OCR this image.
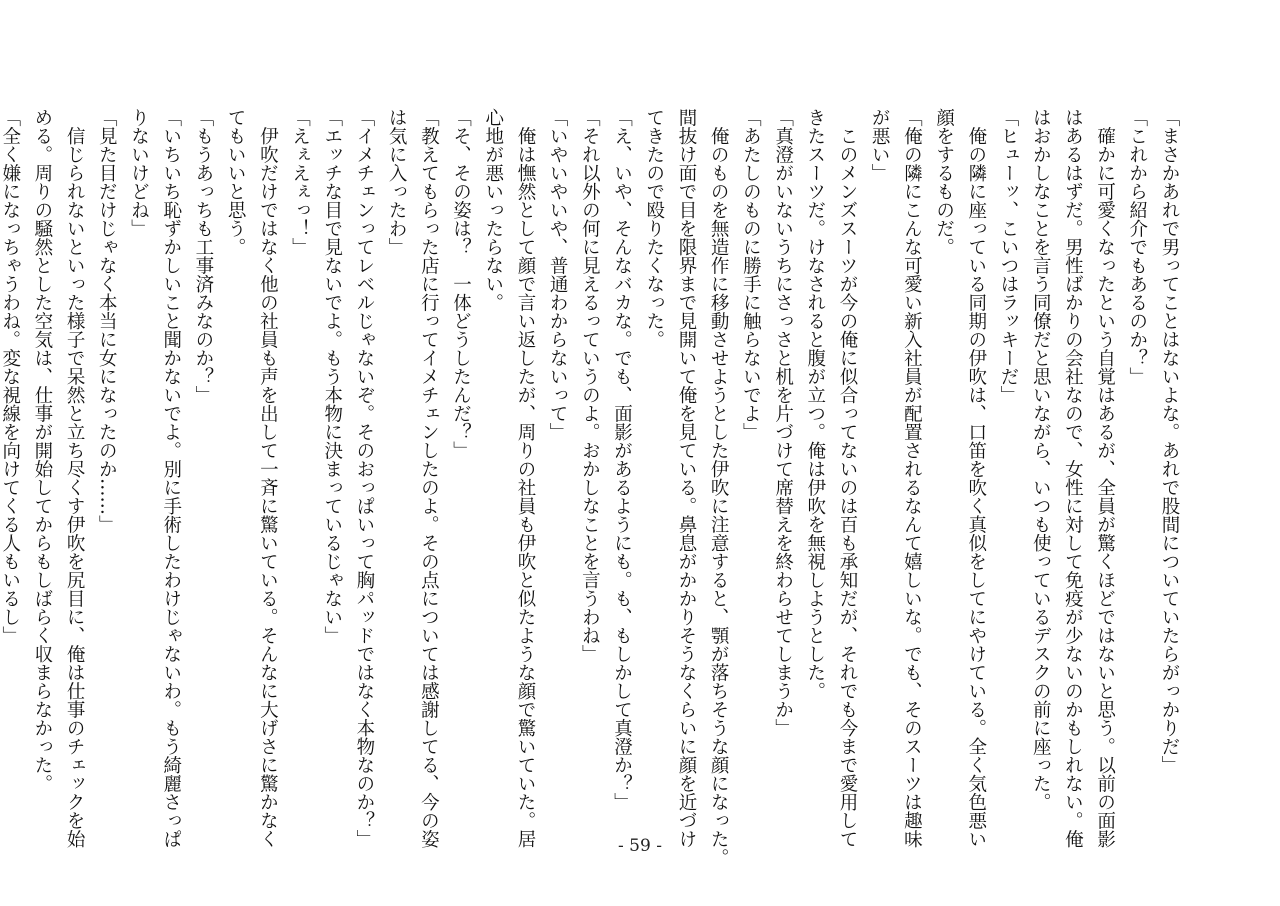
「まさかあれで男ってことはないよな。あれで股間についていたらがっかりだ」

「これから紹介でもあるのか？」

　確かに可愛くなったという自覚はあるが、全員が驚くほどではないと思う。以前の面影

はあるはずだ。男性ばかりの会社なので、女性に対して免疫が少ないのかもしれない。俺

はおかしなことを言う同僚だと思いながら、いつも使っているデスクの前に座った。

「ヒューッ、こいつはラッキーだ」

　俺の隣に座っている同期の伊吹は、口笛を吹く真似をしてにやけている。全く気色悪い

顔をするものだ。

「俺の隣にこんな可愛い新入社員が配置されるなんて嬉しいな。でも、そのスーツは趣味

が悪い」

　このメンズスーツが今の俺に似合ってないのは百も承知だが、それでも今まで愛用して

きたスーツだ。けなされると腹が立つ。俺は伊吹を無視しようとした。

「真澄がいないうちにさっさと机を片づけて席替えを終わらせてしまうか」

「あたしのものに勝手に触らないでよ」

　俺のものを無造作に移動させようとした伊吹に注意すると、顎が落ちそうな顔になった。

間抜け面で目を限界まで見開いて俺を見ている。鼻息がかかりそうなくらいに顔を近づけ

てきたので殴りたくなった。

「え、いや、そんなバカな。でも、面影があるようにも。も、もしかして真澄か？」

「それ以外の何に見えるっていうのよ。おかしなことを言うわね」

「いやいやいや、普通わからないって」

　俺は憮然として顔で言い返したが、周りの社員も伊吹と似たような顔で驚いていた。居

心地が悪いったらない。

「そ、その姿は？　一体どうしたんだ？」

「教えてもらった店に行ってイメチェンしたのよ。その点については感謝してる、今の姿

は気に入ったわ」

「イメチェンってレベルじゃないぞ。そのおっぱいって胸パッドではなく本物なのか？」

「エッチな目で見ないでよ。もう本物に決まっているじゃない」

「えぇえぇっ！」

　伊吹だけではなく他の社員も声を出して一斉に驚いている。そんなに大げさに驚かなく

てもいいと思う。

「もうあっちも工事済みなのか？」

「いちいち恥ずかしいこと聞かないでよ。別に手術したわけじゃないわ。もう綺麗さっぱ

りないけどね」

「見た目だけじゃなく本当に女になったのか……」

　信じられないといった様子で呆然と立ち尽くす伊吹を尻目に、俺は仕事のチェックを始

める。周りの騒然とした空気は、仕事が開始してからもしばらく収まらなかった。

「全く嫌になっちゃうわね。変な視線を向けてくる人もいるし」

- 59 -
